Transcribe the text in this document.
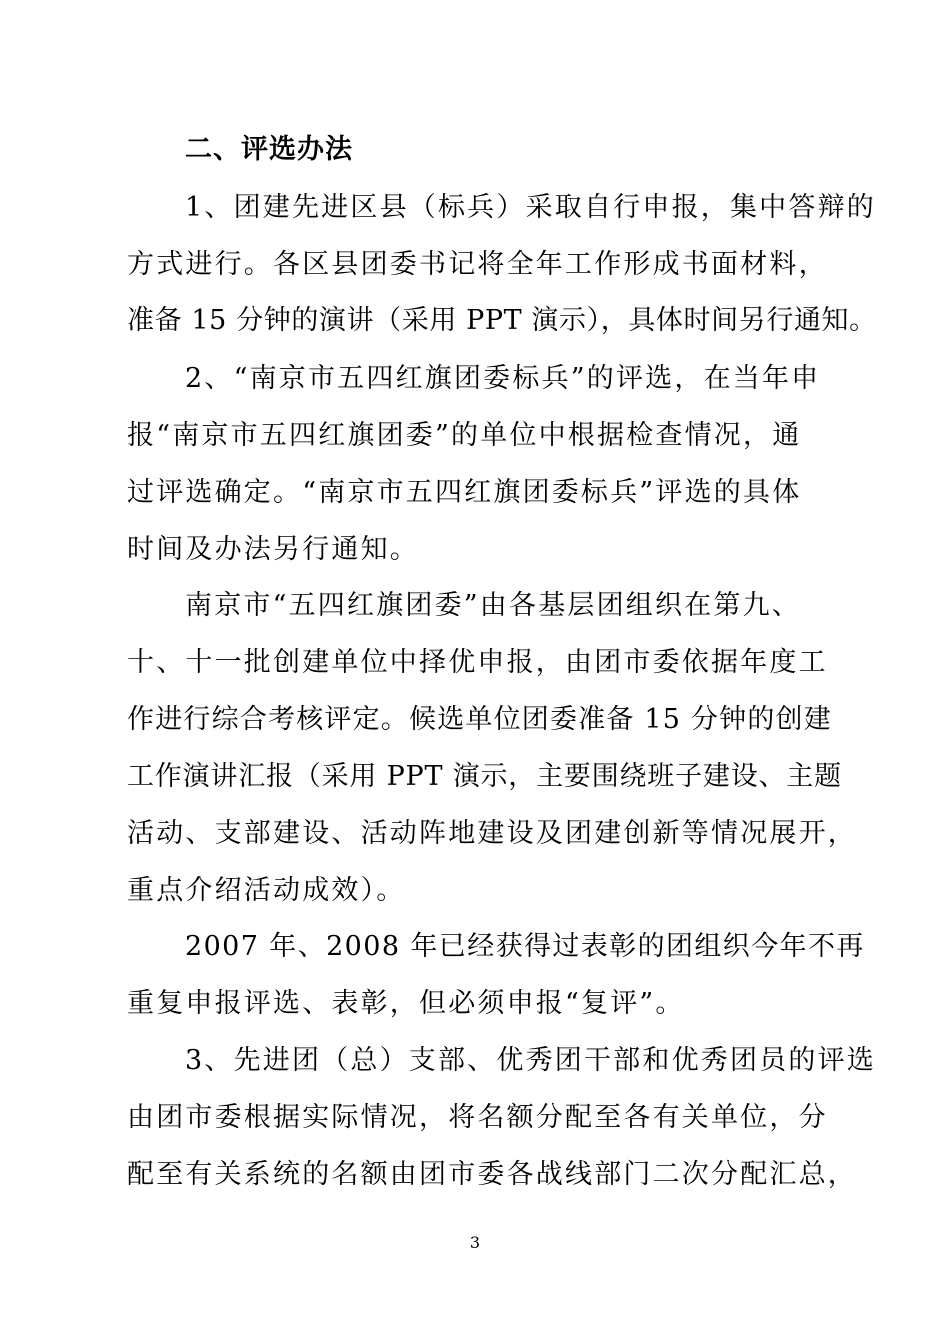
二、评选办法
1、团建先进区县（标兵）采取自行申报，集中答辩的
方式进行。各区县团委书记将全年工作形成书面材料，
准备 15 分钟的演讲（采用 PPT 演示），具体时间另行通知。
2、“南京市五四红旗团委标兵”的评选，在当年申
报“南京市五四红旗团委”的单位中根据检查情况，通
过评选确定。“南京市五四红旗团委标兵”评选的具体
时间及办法另行通知。
南京市“五四红旗团委”由各基层团组织在第九、
十、十一批创建单位中择优申报，由团市委依据年度工
作进行综合考核评定。候选单位团委准备 15 分钟的创建
工作演讲汇报（采用 PPT 演示，主要围绕班子建设、主题
活动、支部建设、活动阵地建设及团建创新等情况展开，
重点介绍活动成效）。
2007 年、2008 年已经获得过表彰的团组织今年不再
重复申报评选、表彰，但必须申报“复评”。
3、先进团（总）支部、优秀团干部和优秀团员的评选
由团市委根据实际情况，将名额分配至各有关单位，分
配至有关系统的名额由团市委各战线部门二次分配汇总，
3
